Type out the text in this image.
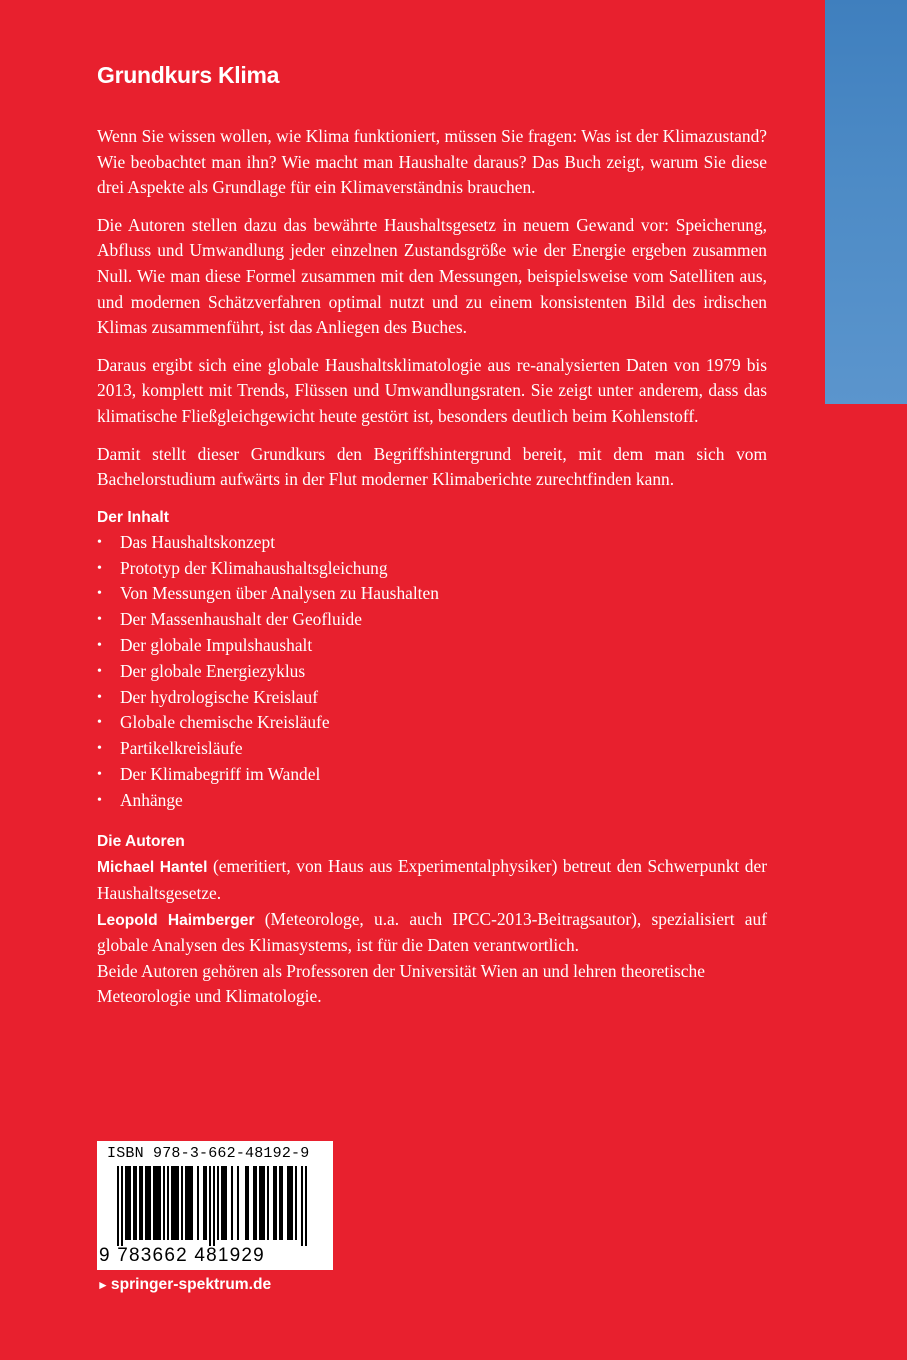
Grundkurs Klima

Wenn Sie wissen wollen, wie Klima funktioniert, müssen Sie fragen: Was ist der Klimazustand? Wie beobachtet man ihn? Wie macht man Haushalte daraus? Das Buch zeigt, warum Sie diese drei Aspekte als Grundlage für ein Klimaverständnis brauchen.

Die Autoren stellen dazu das bewährte Haushaltsgesetz in neuem Gewand vor: Speicherung, Abfluss und Umwandlung jeder einzelnen Zustandsgröße wie der Energie ergeben zusammen Null. Wie man diese Formel zusammen mit den Messungen, beispielsweise vom Satelliten aus, und modernen Schätzverfahren optimal nutzt und zu einem konsistenten Bild des irdischen Klimas zusammenführt, ist das Anliegen des Buches.

Daraus ergibt sich eine globale Haushaltsklimatologie aus re-analysierten Daten von 1979 bis 2013, komplett mit Trends, Flüssen und Umwandlungsraten. Sie zeigt unter anderem, dass das klimatische Fließgleichgewicht heute gestört ist, besonders deutlich beim Kohlenstoff.

Damit stellt dieser Grundkurs den Begriffshintergrund bereit, mit dem man sich vom Bachelorstudium aufwärts in der Flut moderner Klimaberichte zurechtfinden kann.

Der Inhalt
• Das Haushaltskonzept
• Prototyp der Klimahaushaltsgleichung
• Von Messungen über Analysen zu Haushalten
• Der Massenhaushalt der Geofluide
• Der globale Impulshaushalt
• Der globale Energiezyklus
• Der hydrologische Kreislauf
• Globale chemische Kreisläufe
• Partikelkreisläufe
• Der Klimabegriff im Wandel
• Anhänge
Die Autoren

Michael Hantel (emeritiert, von Haus aus Experimentalphysiker) betreut den Schwerpunkt der Haushaltsgesetze.

Leopold Haimberger (Meteorologe, u.a. auch IPCC-2013-Beitragsautor), spezialisiert auf globale Analysen des Klimasystems, ist für die Daten verantwortlich.

Beide Autoren gehören als Professoren der Universität Wien an und lehren theoretische Meteorologie und Klimatologie.

ISBN 978-3-662-48192-9
9 783662 481929
► springer-spektrum.de
